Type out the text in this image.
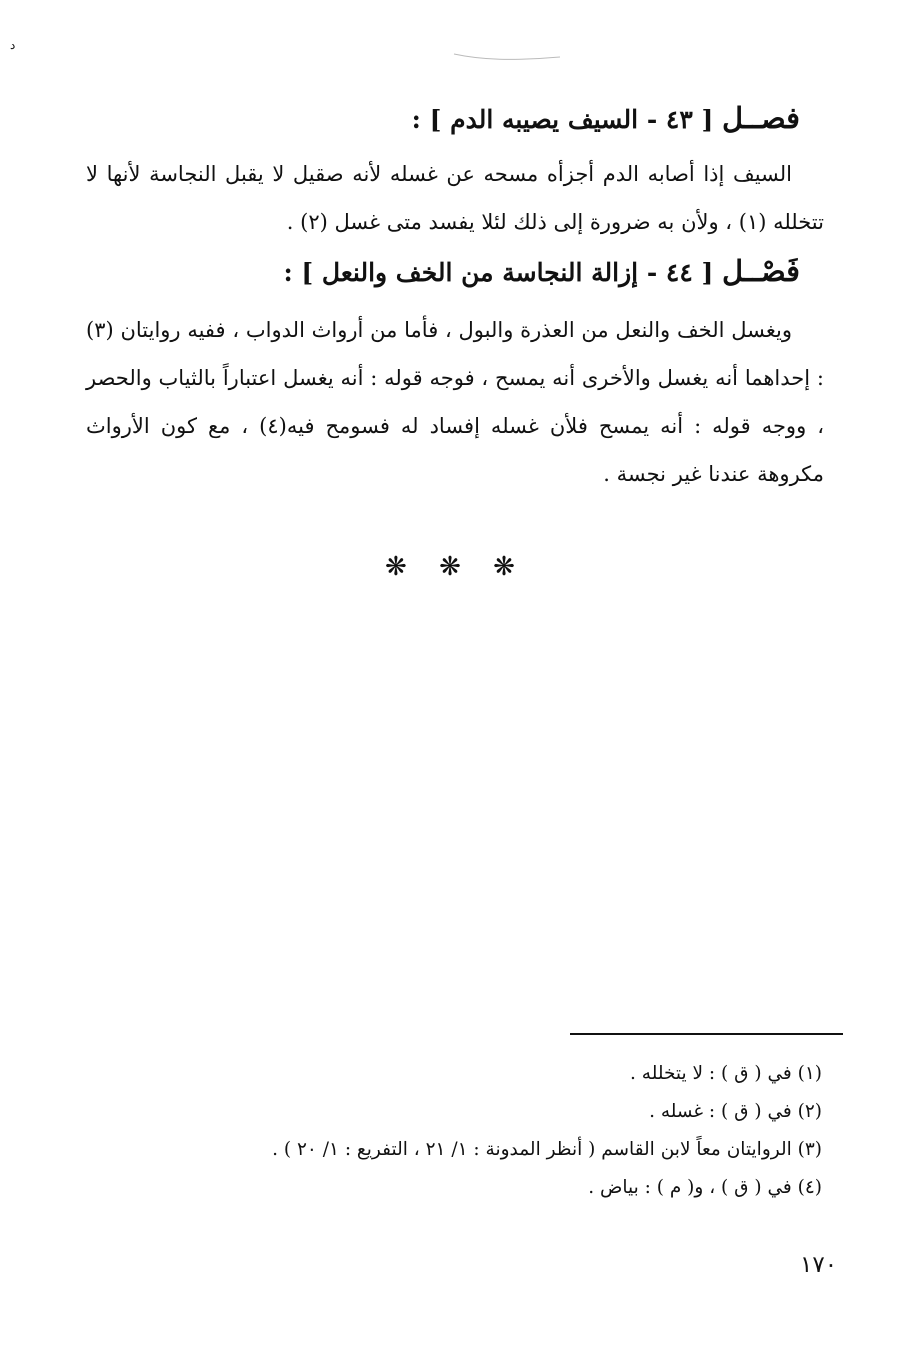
د
فصــل [ ٤٣ - السيف يصيبه الدم ] :
السيف إذا أصابه الدم أجزأه مسحه عن غسله لأنه صقيل لا يقبل النجاسة لأنها لا تتخلله (١) ، ولأن به ضرورة إلى ذلك لئلا يفسد متى غسل (٢) .
فَصْــل [ ٤٤ - إزالة النجاسة من الخف والنعل ] :
ويغسل الخف والنعل من العذرة والبول ، فأما من أرواث الدواب ، ففيه روايتان (٣) : إحداهما أنه يغسل والأخرى أنه يمسح ، فوجه قوله : أنه يغسل اعتباراً بالثياب والحصر ، ووجه قوله : أنه يمسح فلأن غسله إفساد له فسومح فيه(٤) ، مع كون الأرواث مكروهة عندنا غير نجسة .
❋ ❋ ❋
(١) في ( ق ) : لا يتخلله .
(٢) في ( ق ) : غسله .
(٣) الروايتان معاً لابن القاسم ( أنظر المدونة : ١/ ٢١ ، التفريع : ١/ ٢٠ ) .
(٤) في ( ق ) ، و( م ) : بياض .
١٧٠
